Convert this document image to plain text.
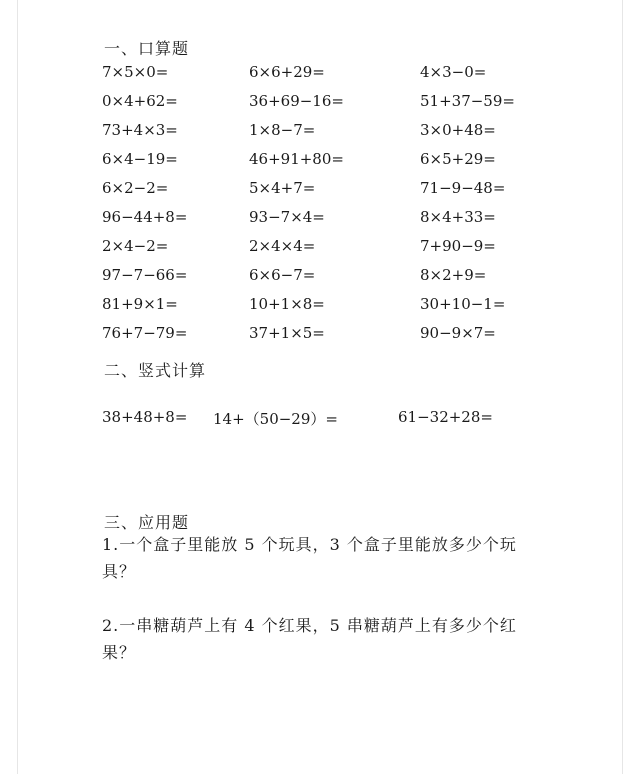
一、口算题
7×5×0=	6×6+29=	4×3−0=
0×4+62=	36+69−16=	51+37−59=
73+4×3=	1×8−7=	3×0+48=
6×4−19=	46+91+80=	6×5+29=
6×2−2=	5×4+7=	71−9−48=
96−44+8=	93−7×4=	8×4+33=
2×4−2=	2×4×4=	7+90−9=
97−7−66=	6×6−7=	8×2+9=
81+9×1=	10+1×8=	30+10−1=
76+7−79=	37+1×5=	90−9×7=
二、竖式计算
38+48+8= 14+（50−29）=	61−32+28=
三、应用题
1.一个盒子里能放 5 个玩具，3 个盒子里能放多少个玩具？
2.一串糖葫芦上有 4 个红果，5 串糖葫芦上有多少个红果？
